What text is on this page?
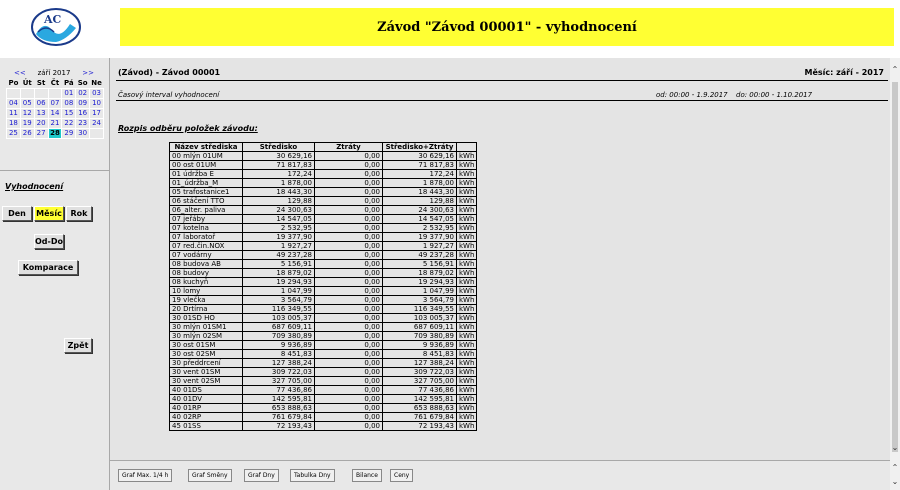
AC	Závod "Závod 00001" - vyhodnocení
<< září 2017 >>
Po	Út	St	Čt	Pá	So	Ne
				01	02	03
04	05	06	07	08	09	10
11	12	13	14	15	16	17
18	19	20	21	22	23	24
25	26	27	28	29	30	
Vyhodnocení
Den	Měsíc	Rok
Od-Do
Komparace
Zpět
(Závod) - Závod 00001	Měsíc: září - 2017
Časový interval vyhodnocení	od: 00:00 - 1.9.2017 do: 00:00 - 1.10.2017
Rozpis odběru položek závodu:
Název střediska	Středisko	Ztráty	Středisko+Ztráty	
00 mlýn 01UM	30 629,16	0,00	30 629,16	kWh
00 ost 01UM	71 817,83	0,00	71 817,83	kWh
01 údržba E	172,24	0,00	172,24	kWh
01_údržba_M	1 878,00	0,00	1 878,00	kWh
05 trafostanice1	18 443,30	0,00	18 443,30	kWh
06 stáčení TTO	129,88	0,00	129,88	kWh
06_alter. paliva	24 300,63	0,00	24 300,63	kWh
07 jeřáby	14 547,05	0,00	14 547,05	kWh
07 kotelna	2 532,95	0,00	2 532,95	kWh
07 laboratoř	19 377,90	0,00	19 377,90	kWh
07 red.čin.NOX	1 927,27	0,00	1 927,27	kWh
07 vodárny	49 237,28	0,00	49 237,28	kWh
08 budova AB	5 156,91	0,00	5 156,91	kWh
08 budovy	18 879,02	0,00	18 879,02	kWh
08 kuchyň	19 294,93	0,00	19 294,93	kWh
10 lomy	1 047,99	0,00	1 047,99	kWh
19 vlečka	3 564,79	0,00	3 564,79	kWh
20 Drtírna	116 349,55	0,00	116 349,55	kWh
30 01SD HO	103 005,37	0,00	103 005,37	kWh
30 mlýn 01SM1	687 609,11	0,00	687 609,11	kWh
30 mlýn 02SM	709 380,89	0,00	709 380,89	kWh
30 ost 01SM	9 936,89	0,00	9 936,89	kWh
30 ost 02SM	8 451,83	0,00	8 451,83	kWh
30 předdrcení	127 388,24	0,00	127 388,24	kWh
30 vent 01SM	309 722,03	0,00	309 722,03	kWh
30 vent 02SM	327 705,00	0,00	327 705,00	kWh
40 01DS	77 436,86	0,00	77 436,86	kWh
40 01DV	142 595,81	0,00	142 595,81	kWh
40 01RP	653 888,63	0,00	653 888,63	kWh
40 02RP	761 679,84	0,00	761 679,84	kWh
45 01SS	72 193,43	0,00	72 193,43	kWh
⌃
⌄
Graf Max. 1/4 h	Graf Směny	Graf Dny	Tabulka Dny	Bilance	Ceny
⌃
⌄
